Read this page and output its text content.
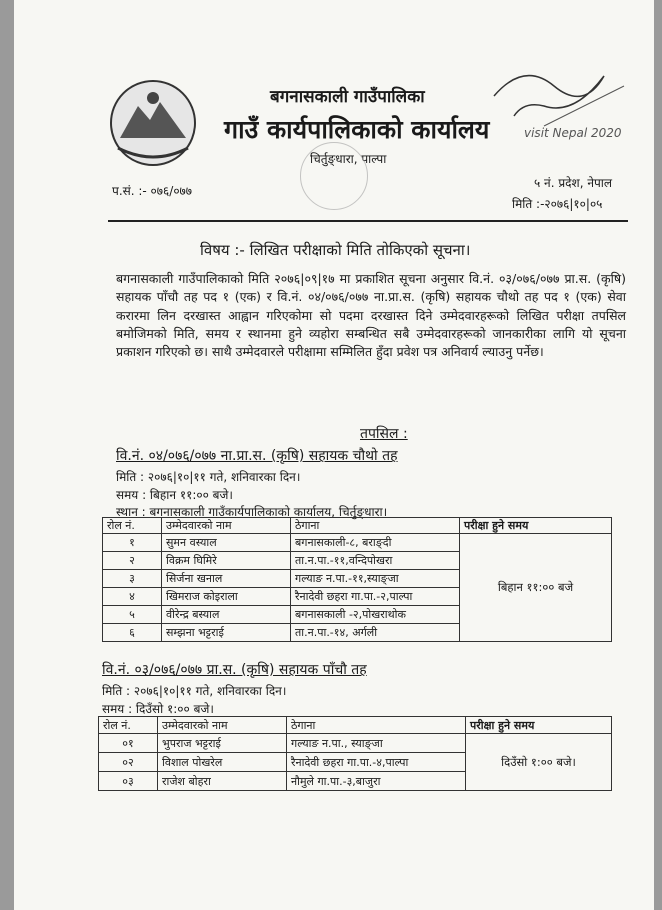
बगनासकाली गाउँपालिका
गाउँ कार्यपालिकाको कार्यालय
चिर्तुङ्धारा, पाल्पा
visit Nepal 2020
प.सं. :- ०७६/०७७
५ नं. प्रदेश, नेपाल
मिति :-२०७६|१०|०५
विषय :- लिखित परीक्षाको मिति तोकिएको सूचना।
बगनासकाली गाउँपालिकाको मिति २०७६|०९|१७ मा प्रकाशित सूचना अनुसार वि.नं. ०३/०७६/०७७ प्रा.स. (कृषि) सहायक पाँचौ तह पद १ (एक) र वि.नं. ०४/०७६/०७७ ना.प्रा.स. (कृषि) सहायक चौथो तह पद १ (एक) सेवा करारमा लिन दरखास्त आह्वान गरिएकोमा सो पदमा दरखास्त दिने उम्मेदवारहरूको लिखित परीक्षा तपसिल बमोजिमको मिति, समय र स्थानमा हुने व्यहोरा सम्बन्धित सबै उम्मेदवारहरूको जानकारीका लागि यो सूचना प्रकाशन गरिएको छ। साथै उम्मेदवारले परीक्षामा सम्मिलित हुँदा प्रवेश पत्र अनिवार्य ल्याउनु पर्नेछ।
तपसिल :
वि.नं. ०४/०७६/०७७ ना.प्रा.स. (कृषि) सहायक चौथो तह
मिति : २०७६|१०|११ गते, शनिवारका दिन।
समय : बिहान ११:०० बजे।
स्थान : बगनासकाली गाउँकार्यपालिकाको कार्यालय, चिर्तुङ्धारा।
रोल नं.	उम्मेदवारको नाम	ठेगाना	परीक्षा हुने समय
१	सुमन वस्याल	बगनासकाली-८, बराङ्दी	बिहान ११:०० बजे
२	विक्रम घिमिरे	ता.न.पा.-११,वन्दिपोखरा	
३	सिर्जना खनाल	गल्याङ न.पा.-११,स्याङ्जा	
४	खिमराज कोइराला	रैनादेवी छहरा गा.पा.-२,पाल्पा	
५	वीरेन्द्र बस्याल	बगनासकाली -२,पोखराथोक	
६	सम्झना भट्टराई	ता.न.पा.-१४, अर्गली	
वि.नं. ०३/०७६/०७७ प्रा.स. (कृषि) सहायक पाँचौ तह
मिति : २०७६|१०|११ गते, शनिवारका दिन।
समय : दिउँसो १:०० बजे।
रोल नं.	उम्मेदवारको नाम	ठेगाना	परीक्षा हुने समय
०१	भुपराज भट्टराई	गल्याङ न.पा., स्याङ्जा	दिउँसो १:०० बजे।
०२	विशाल पोखरेल	रैनादेवी छहरा गा.पा.-४,पाल्पा	
०३	राजेश बोहरा	नौमुले गा.पा.-३,बाजुरा	
